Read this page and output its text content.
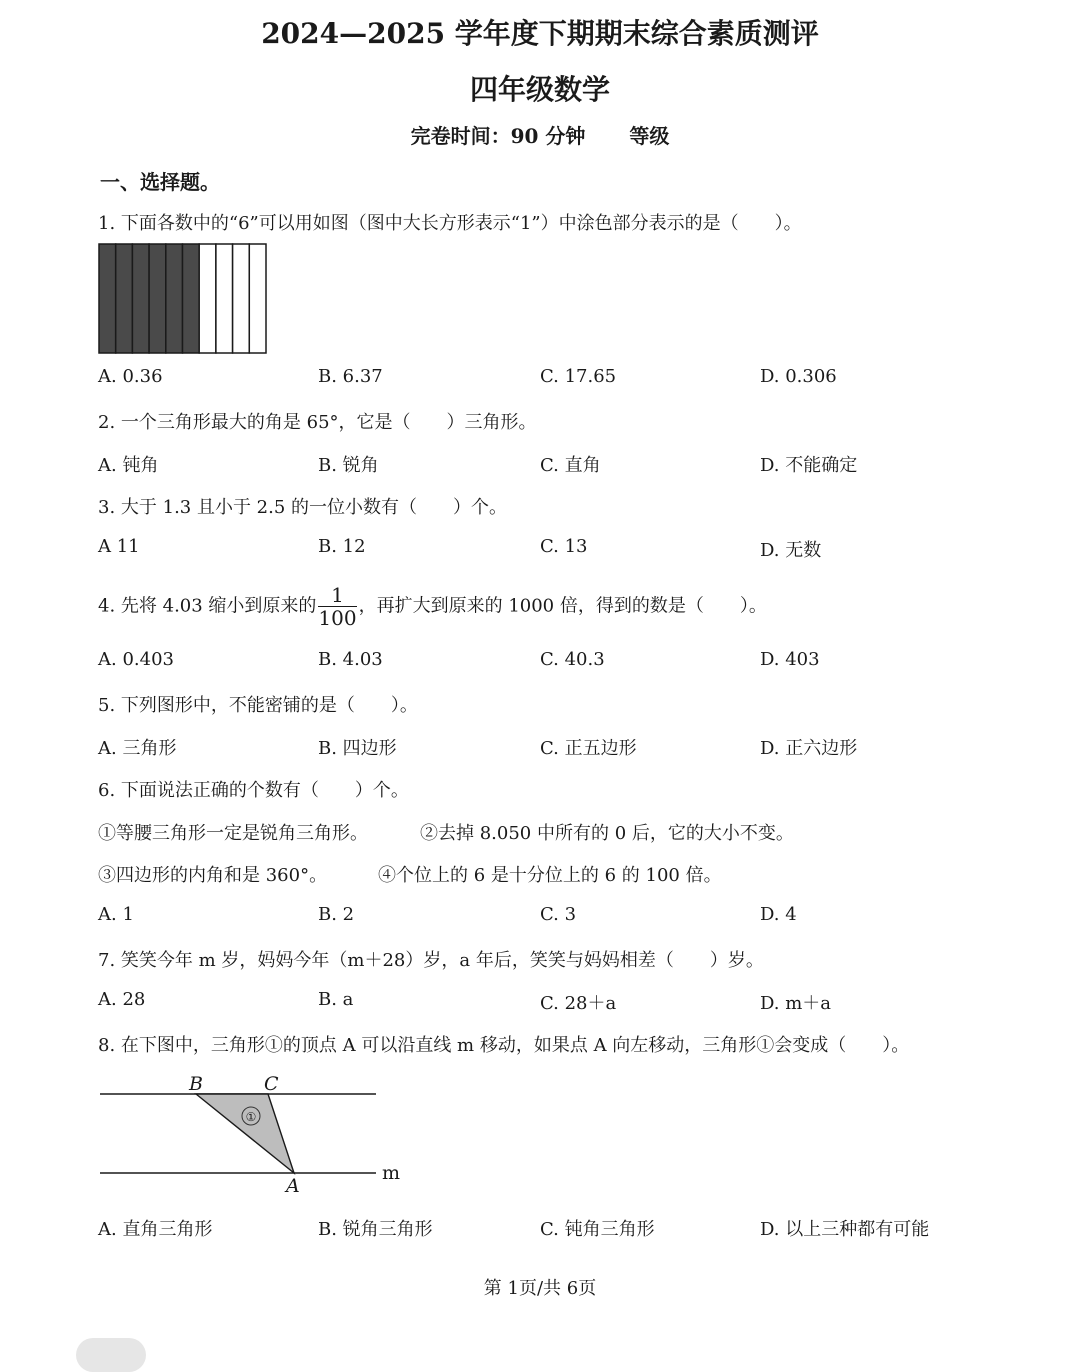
2024—2025 学年度下期期末综合素质测评
四年级数学
完卷时间：90 分钟 等级
一、选择题。
1. 下面各数中的“6”可以用如图（图中大长方形表示“1”）中涂色部分表示的是（　　）。
A. 0.36	B. 6.37	C. 17.65	D. 0.306
2. 一个三角形最大的角是 65°，它是（　　）三角形。
A. 钝角	B. 锐角	C. 直角	D. 不能确定
3. 大于 1.3 且小于 2.5 的一位小数有（　　）个。
A 11	B. 12	C. 13	D. 无数
4. 先将 4.03 缩小到原来的 $\frac{1}{100}$ ，再扩大到原来的 1000 倍，得到的数是（　　）。
A. 0.403	B. 4.03	C. 40.3	D. 403
5. 下列图形中，不能密铺的是（　　）。
A. 三角形	B. 四边形	C. 正五边形	D. 正六边形
6. 下面说法正确的个数有（　　）个。
①等腰三角形一定是锐角三角形。	②去掉 8.050 中所有的 0 后，它的大小不变。
③四边形的内角和是 360°。	④个位上的 6 是十分位上的 6 的 100 倍。
A. 1	B. 2	C. 3	D. 4
7. 笑笑今年 m 岁，妈妈今年（m＋28）岁，a 年后，笑笑与妈妈相差（　　）岁。
A. 28	B. a	C. 28＋a	D. m＋a
8. 在下图中，三角形①的顶点 A 可以沿直线 m 移动，如果点 A 向左移动，三角形①会变成（　　）。
①
B	C
A
m
A. 直角三角形	B. 锐角三角形	C. 钝角三角形	D. 以上三种都有可能
第 1页/共 6页
